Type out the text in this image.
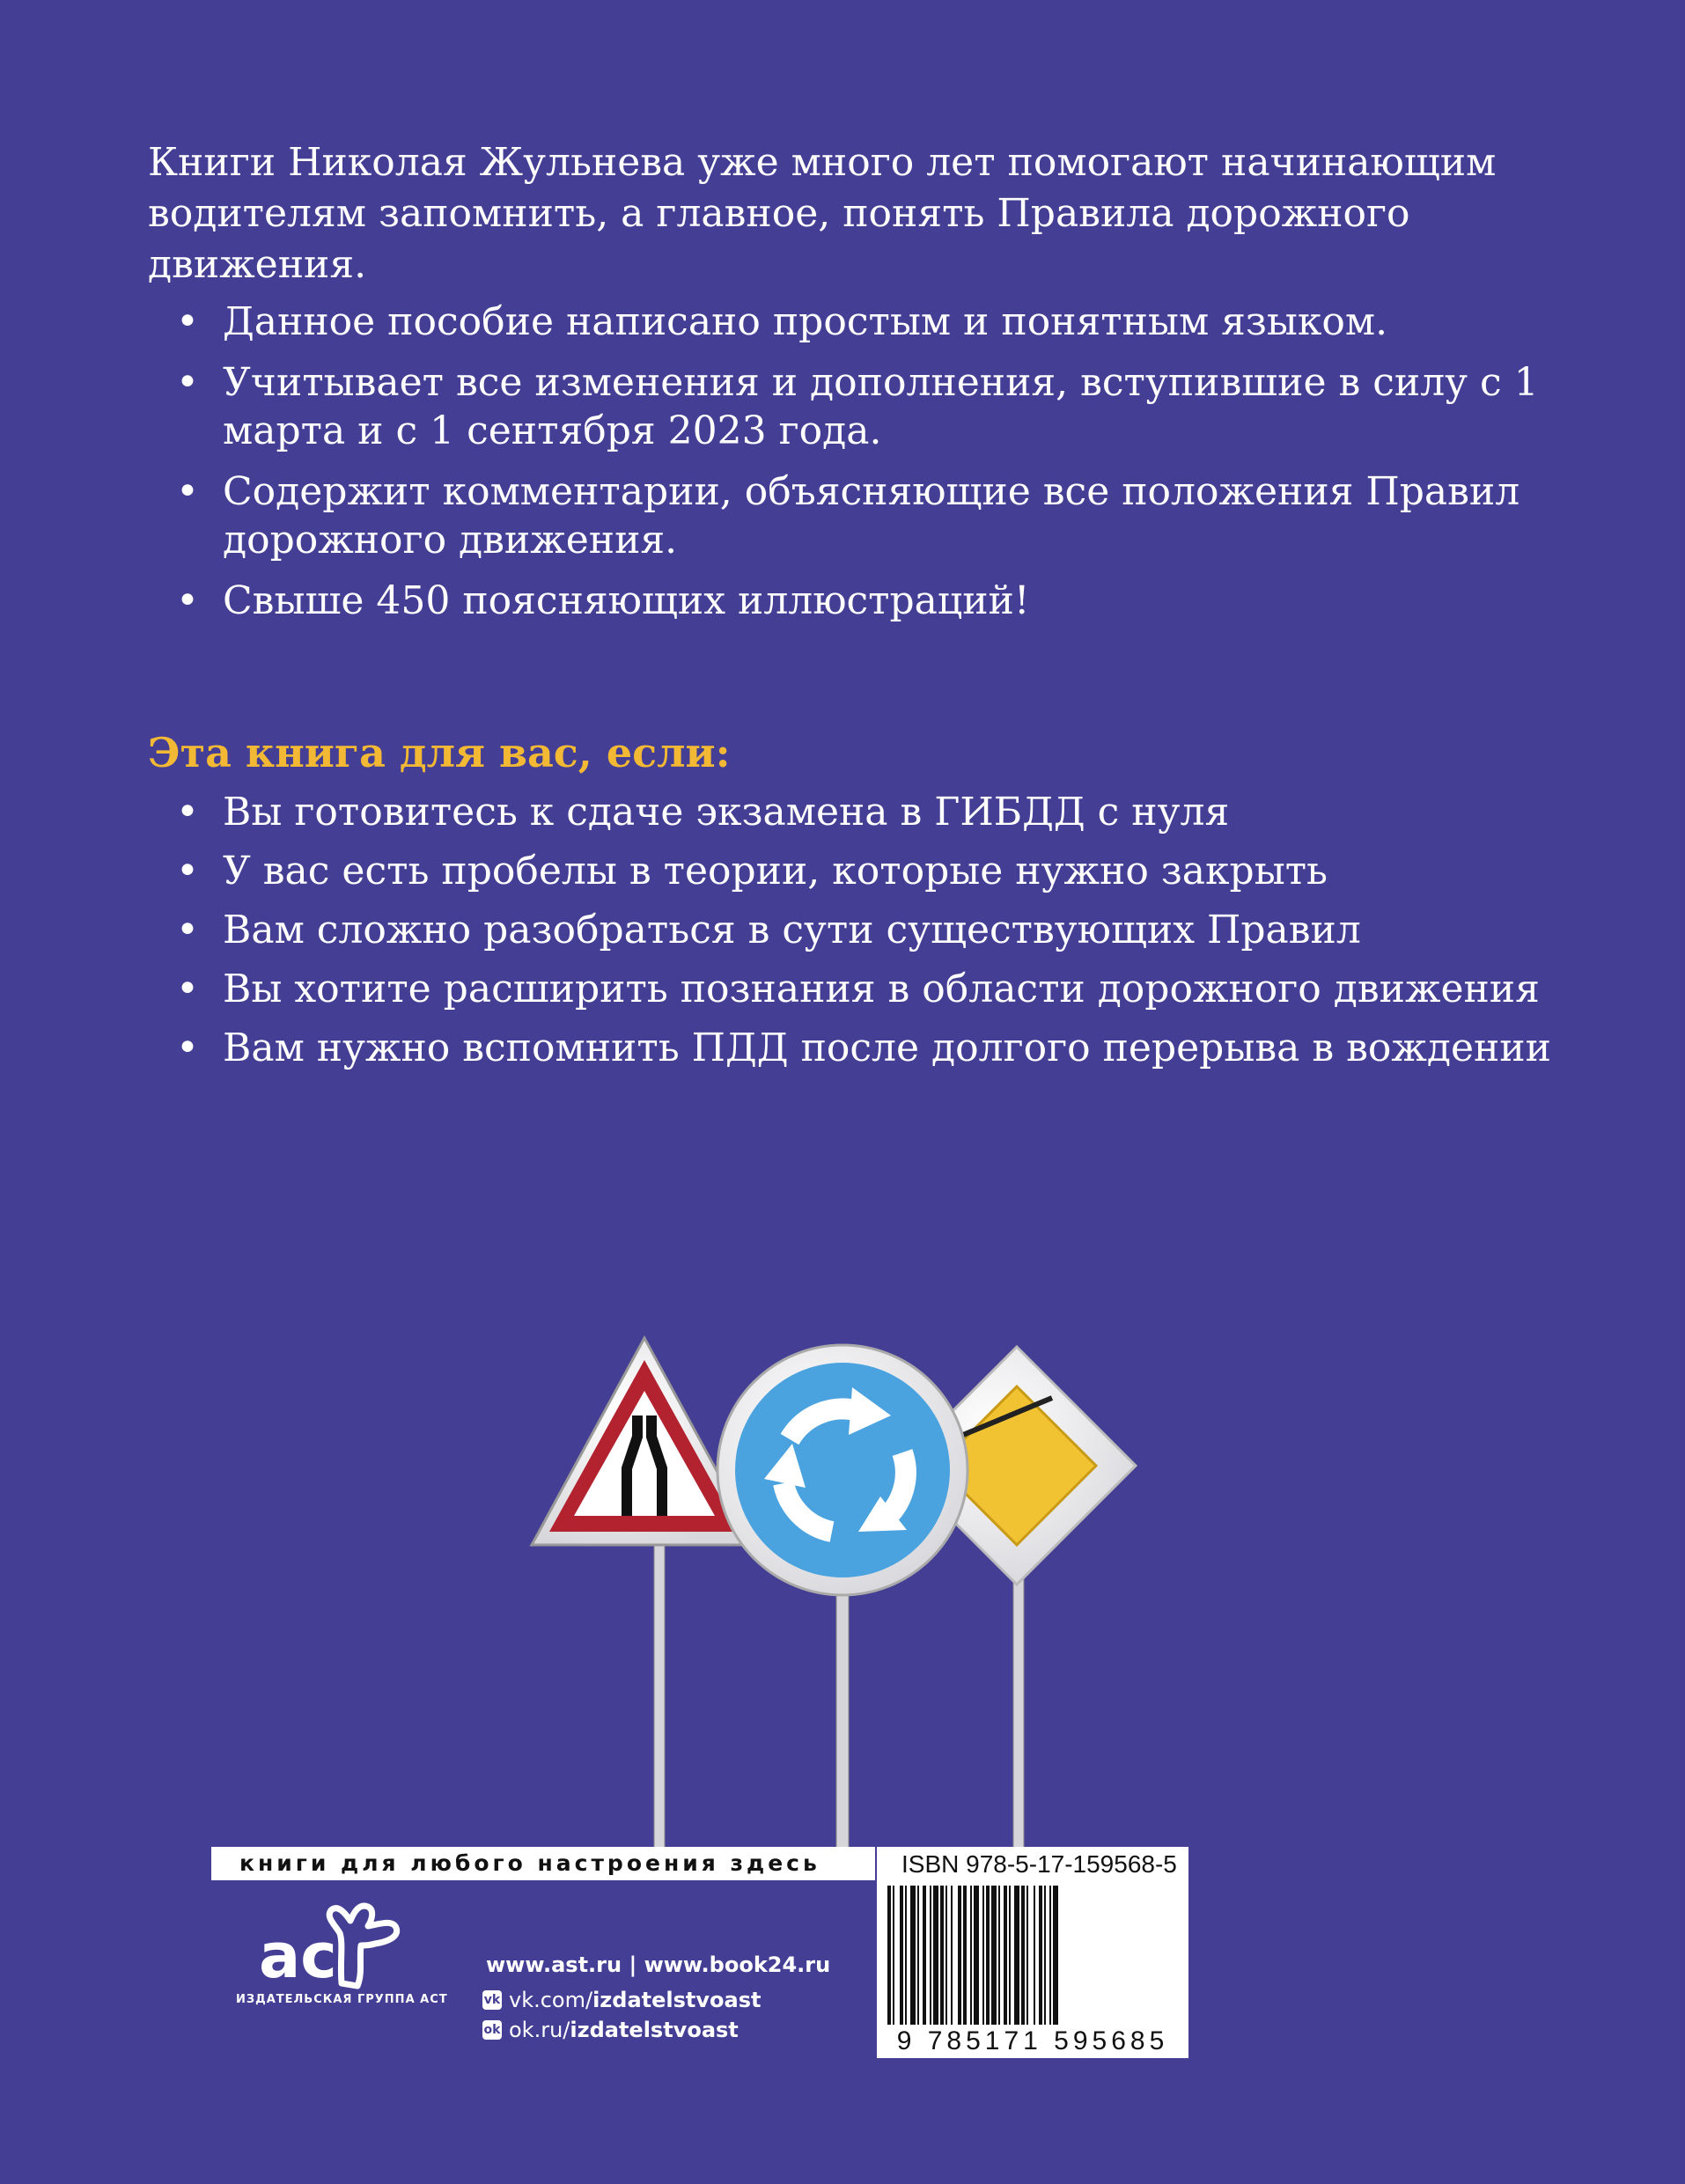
Книги Николая Жульнева уже много лет помогают начинающим водителям запомнить, а главное, понять Правила дорожного движения.

• Данное пособие написано простым и понятным языком.
• Учитывает все изменения и дополнения, вступившие в силу с 1 марта и с 1 сентября 2023 года.
• Содержит комментарии, объясняющие все положения Правил дорожного движения.
• Свыше 450 поясняющих иллюстраций!
Эта книга для вас, если:
• Вы готовитесь к сдаче экзамена в ГИБДД с нуля
• У вас есть пробелы в теории, которые нужно закрыть
• Вам сложно разобраться в сути существующих Правил
• Вы хотите расширить познания в области дорожного движения
• Вам нужно вспомнить ПДД после долгого перерыва в вождении
книги для любого настроения здесь	ISBN 978-5-17-159568-5
9 785171 595685
ac
ИЗДАТЕЛЬСКАЯ ГРУППА АСТ
www.ast.ru | www.book24.ru
vk vk.com/ izdatelstvoast
ok ok.ru/ izdatelstvoast
